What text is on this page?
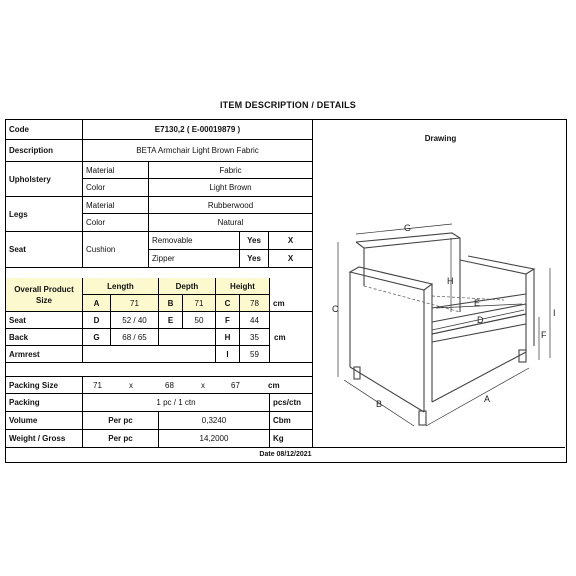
ITEM DESCRIPTION / DETAILS
Code	E7130,2 ( E-00019879 )
Drawing
Description	BETA Armchair Light Brown Fabric
Upholstery
Material	Fabric
Color	Light Brown
Legs
Material	Rubberwood
Color	Natural
Seat	Cushion
Removable	Yes	X
Zipper	Yes	X
Overall Product
Size
Length	Depth	Height
A	71	B	71	C	78	cm
Seat	D	52 / 40	E	50	F	44
Back	G	68 / 65	H	35	cm
Armrest	I	59
Packing Size	71	x	68	x	67	cm
Packing	1 pc / 1 ctn	pcs/ctn
Volume	Per pc	0,3240	Cbm
Weight / Gross	Per pc	14,2000	Kg
Date 08/12/2021
G
H
C	I
F
B	A
D
E
